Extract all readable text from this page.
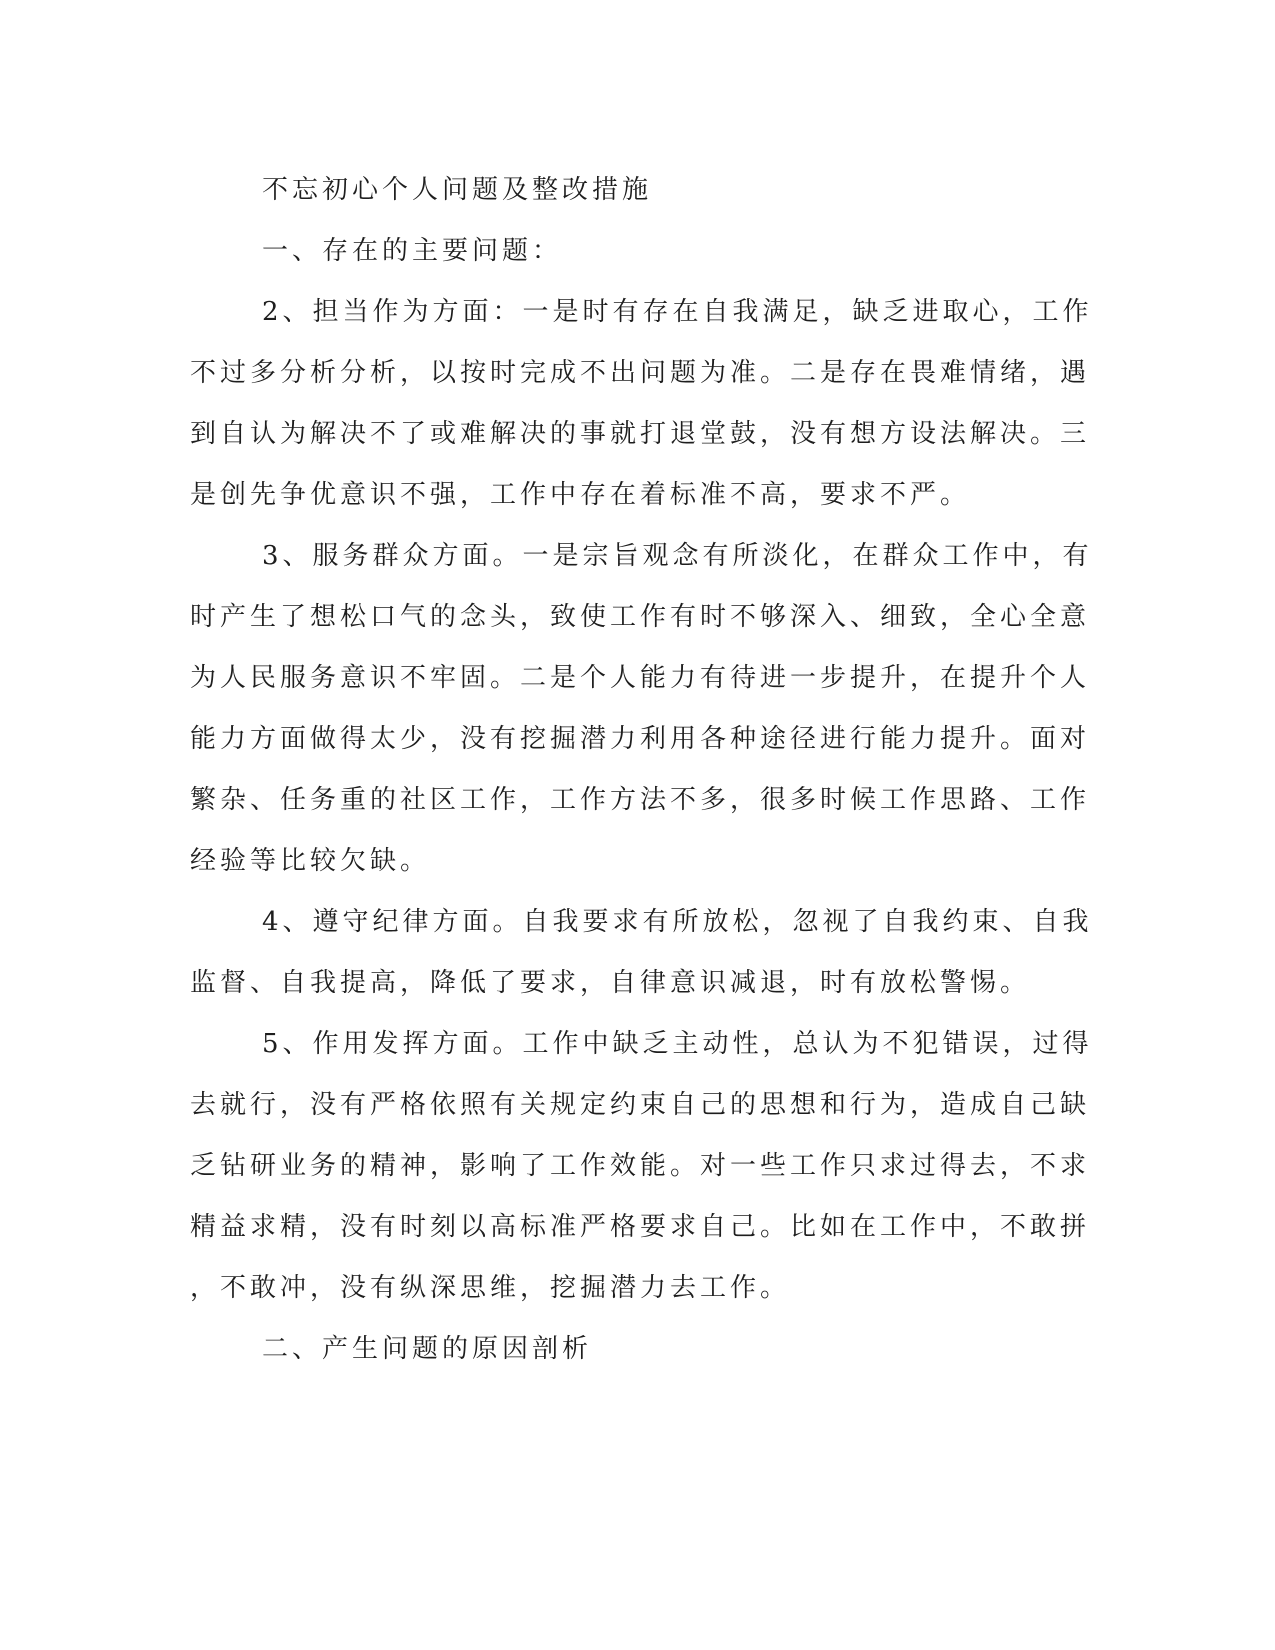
不忘初心个人问题及整改措施

一、存在的主要问题：

2、担当作为方面：一是时有存在自我满足，缺乏进取心，工作

不过多分析分析，以按时完成不出问题为准。二是存在畏难情绪，遇

到自认为解决不了或难解决的事就打退堂鼓，没有想方设法解决。三

是创先争优意识不强，工作中存在着标准不高，要求不严。

3、服务群众方面。一是宗旨观念有所淡化，在群众工作中，有

时产生了想松口气的念头，致使工作有时不够深入、细致，全心全意

为人民服务意识不牢固。二是个人能力有待进一步提升，在提升个人

能力方面做得太少，没有挖掘潜力利用各种途径进行能力提升。面对

繁杂、任务重的社区工作，工作方法不多，很多时候工作思路、工作

经验等比较欠缺。

4、遵守纪律方面。自我要求有所放松，忽视了自我约束、自我

监督、自我提高，降低了要求，自律意识减退，时有放松警惕。

5、作用发挥方面。工作中缺乏主动性，总认为不犯错误，过得

去就行，没有严格依照有关规定约束自己的思想和行为，造成自己缺

乏钻研业务的精神，影响了工作效能。对一些工作只求过得去，不求

精益求精，没有时刻以高标准严格要求自己。比如在工作中，不敢拼

，不敢冲，没有纵深思维，挖掘潜力去工作。

二、产生问题的原因剖析
